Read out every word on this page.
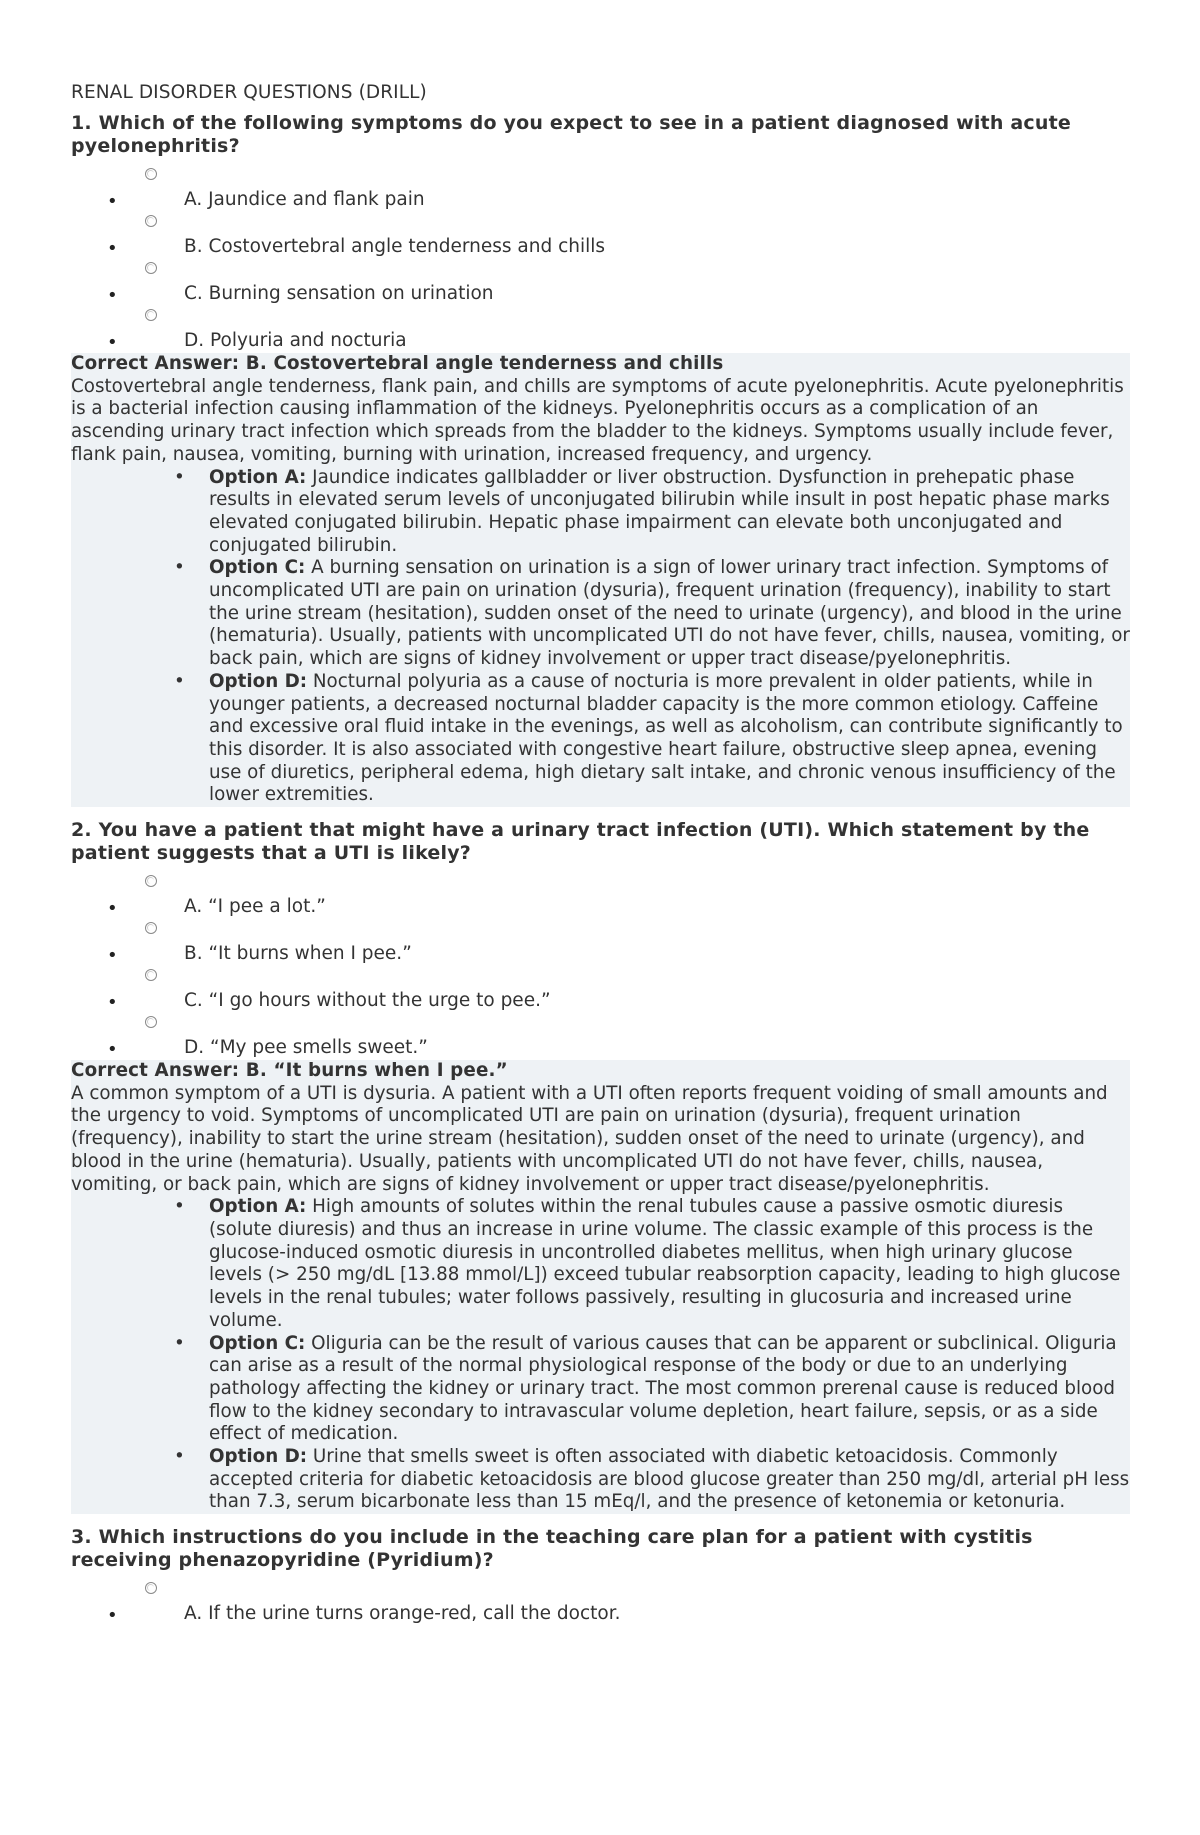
RENAL DISORDER QUESTIONS (DRILL)
1. Which of the following symptoms do you expect to see in a patient diagnosed with acute pyelonephritis?
•	A. Jaundice and flank pain
•	B. Costovertebral angle tenderness and chills
•	C. Burning sensation on urination
•	D. Polyuria and nocturia
Correct Answer: B. Costovertebral angle tenderness and chills

Costovertebral angle tenderness, flank pain, and chills are symptoms of acute pyelonephritis. Acute pyelonephritis is a bacterial infection causing inflammation of the kidneys. Pyelonephritis occurs as a complication of an ascending urinary tract infection which spreads from the bladder to the kidneys. Symptoms usually include fever, flank pain, nausea, vomiting, burning with urination, increased frequency, and urgency.

• Option A: Jaundice indicates gallbladder or liver obstruction. Dysfunction in prehepatic phase results in elevated serum levels of unconjugated bilirubin while insult in post hepatic phase marks elevated conjugated bilirubin. Hepatic phase impairment can elevate both unconjugated and conjugated bilirubin.
• Option C: A burning sensation on urination is a sign of lower urinary tract infection. Symptoms of uncomplicated UTI are pain on urination (dysuria), frequent urination (frequency), inability to start the urine stream (hesitation), sudden onset of the need to urinate (urgency), and blood in the urine (hematuria). Usually, patients with uncomplicated UTI do not have fever, chills, nausea, vomiting, or back pain, which are signs of kidney involvement or upper tract disease/pyelonephritis.
• Option D: Nocturnal polyuria as a cause of nocturia is more prevalent in older patients, while in younger patients, a decreased nocturnal bladder capacity is the more common etiology. Caffeine and excessive oral fluid intake in the evenings, as well as alcoholism, can contribute significantly to this disorder. It is also associated with congestive heart failure, obstructive sleep apnea, evening use of diuretics, peripheral edema, high dietary salt intake, and chronic venous insufficiency of the lower extremities.
2. You have a patient that might have a urinary tract infection (UTI). Which statement by the patient suggests that a UTI is likely?
•	A. “I pee a lot.”
•	B. “It burns when I pee.”
•	C. “I go hours without the urge to pee.”
•	D. “My pee smells sweet.”
Correct Answer: B. “It burns when I pee.”

A common symptom of a UTI is dysuria. A patient with a UTI often reports frequent voiding of small amounts and the urgency to void. Symptoms of uncomplicated UTI are pain on urination (dysuria), frequent urination (frequency), inability to start the urine stream (hesitation), sudden onset of the need to urinate (urgency), and blood in the urine (hematuria). Usually, patients with uncomplicated UTI do not have fever, chills, nausea, vomiting, or back pain, which are signs of kidney involvement or upper tract disease/pyelonephritis.

• Option A: High amounts of solutes within the renal tubules cause a passive osmotic diuresis (solute diuresis) and thus an increase in urine volume. The classic example of this process is the glucose-induced osmotic diuresis in uncontrolled diabetes mellitus, when high urinary glucose levels (> 250 mg/dL [13.88 mmol/L]) exceed tubular reabsorption capacity, leading to high glucose levels in the renal tubules; water follows passively, resulting in glucosuria and increased urine volume.
• Option C: Oliguria can be the result of various causes that can be apparent or subclinical. Oliguria can arise as a result of the normal physiological response of the body or due to an underlying pathology affecting the kidney or urinary tract. The most common prerenal cause is reduced blood flow to the kidney secondary to intravascular volume depletion, heart failure, sepsis, or as a side effect of medication.
• Option D: Urine that smells sweet is often associated with diabetic ketoacidosis. Commonly accepted criteria for diabetic ketoacidosis are blood glucose greater than 250 mg/dl, arterial pH less than 7.3, serum bicarbonate less than 15 mEq/l, and the presence of ketonemia or ketonuria.
3. Which instructions do you include in the teaching care plan for a patient with cystitis receiving phenazopyridine (Pyridium)?
•	A. If the urine turns orange-red, call the doctor.
